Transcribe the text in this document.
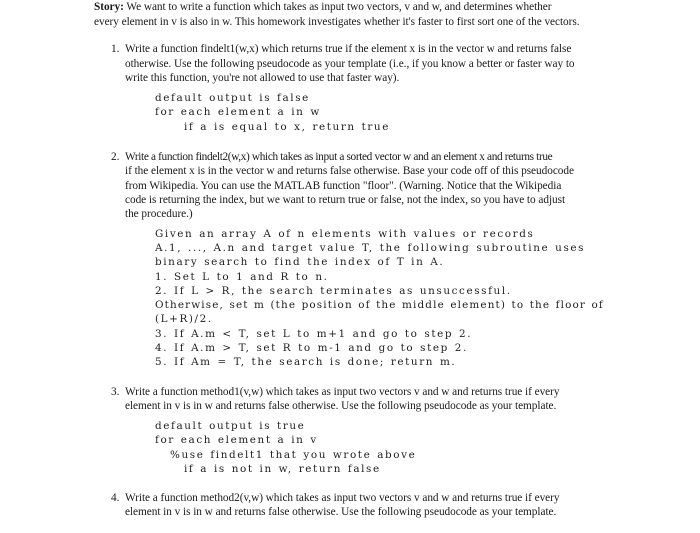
Story: We want to write a function which takes as input two vectors, v and w, and determines whether
every element in v is also in w. This homework investigates whether it's faster to first sort one of the vectors.
1. Write a function findelt1(w,x) which returns true if the element x is in the vector w and returns false
otherwise. Use the following pseudocode as your template (i.e., if you know a better or faster way to
write this function, you're not allowed to use that faster way).
default output is false
for each element a in w
if a is equal to x, return true
2. Write a function findelt2(w,x) which takes as input a sorted vector w and an element x and returns true
if the element x is in the vector w and returns false otherwise. Base your code off of this pseudocode
from Wikipedia. You can use the MATLAB function "floor". (Warning. Notice that the Wikipedia
code is returning the index, but we want to return true or false, not the index, so you have to adjust
the procedure.)
Given an array A of n elements with values or records
A.1, ..., A.n and target value T, the following subroutine uses
binary search to find the index of T in A.
1. Set L to 1 and R to n.
2. If L > R, the search terminates as unsuccessful.
Otherwise, set m (the position of the middle element) to the floor of
(L+R)/2.
3. If A.m < T, set L to m+1 and go to step 2.
4. If A.m > T, set R to m-1 and go to step 2.
5. If Am = T, the search is done; return m.
3. Write a function method1(v,w) which takes as input two vectors v and w and returns true if every
element in v is in w and returns false otherwise. Use the following pseudocode as your template.
default output is true
for each element a in v
%use findelt1 that you wrote above
if a is not in w, return false
4. Write a function method2(v,w) which takes as input two vectors v and w and returns true if every
element in v is in w and returns false otherwise. Use the following pseudocode as your template.
